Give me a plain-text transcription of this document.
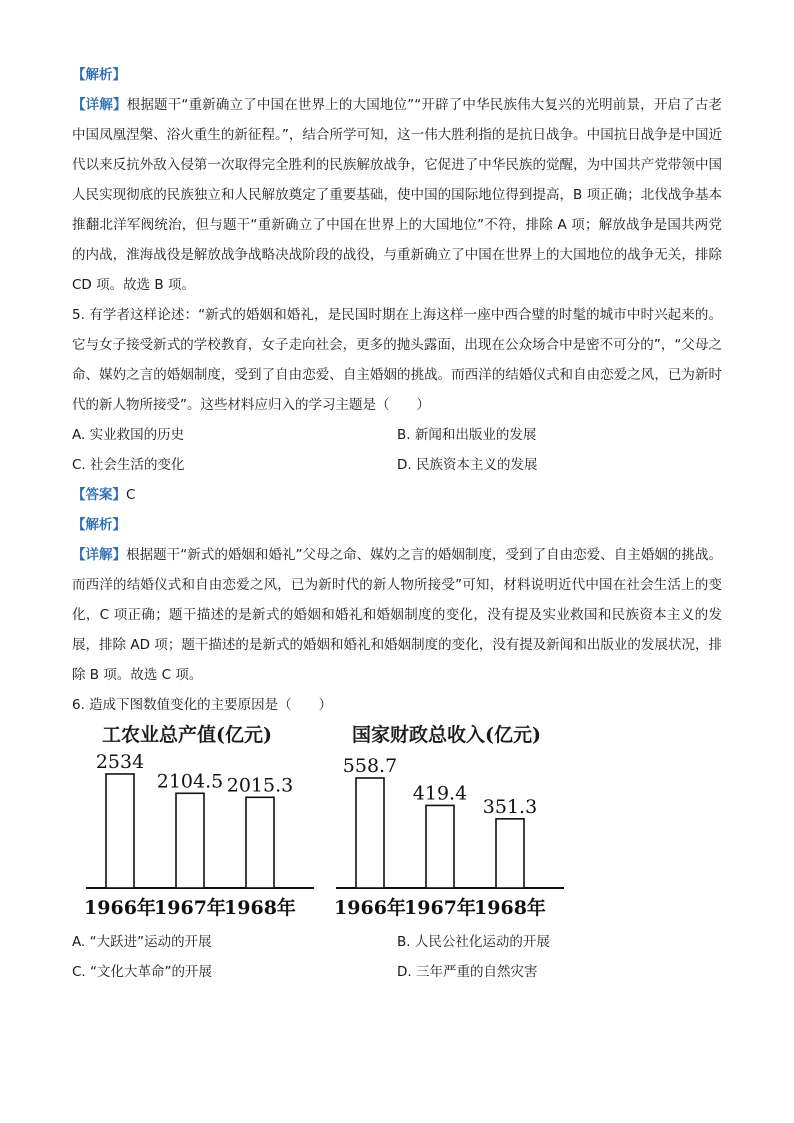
【解析】

【详解】根据题干“重新确立了中国在世界上的大国地位”“开辟了中华民族伟大复兴的光明前景，开启了古老中国凤凰涅槃、浴火重生的新征程。”，结合所学可知，这一伟大胜利指的是抗日战争。中国抗日战争是中国近代以来反抗外敌入侵第一次取得完全胜利的民族解放战争，它促进了中华民族的觉醒，为中国共产党带领中国人民实现彻底的民族独立和人民解放奠定了重要基础，使中国的国际地位得到提高，B 项正确；北伐战争基本推翻北洋军阀统治，但与题干“重新确立了中国在世界上的大国地位”不符，排除 A 项；解放战争是国共两党的内战，淮海战役是解放战争战略决战阶段的战役，与重新确立了中国在世界上的大国地位的战争无关，排除 CD 项。故选 B 项。

5. 有学者这样论述：“新式的婚姻和婚礼，是民国时期在上海这样一座中西合璧的时髦的城市中时兴起来的。它与女子接受新式的学校教育，女子走向社会，更多的抛头露面，出现在公众场合中是密不可分的”，“父母之命、媒妁之言的婚姻制度，受到了自由恋爱、自主婚姻的挑战。而西洋的结婚仪式和自由恋爱之风，已为新时代的新人物所接受”。这些材料应归入的学习主题是（　　）

A. 实业救国的历史	B. 新闻和出版业的发展
C. 社会生活的变化	D. 民族资本主义的发展

【答案】C

【解析】

【详解】根据题干“新式的婚姻和婚礼”父母之命、媒妁之言的婚姻制度，受到了自由恋爱、自主婚姻的挑战。而西洋的结婚仪式和自由恋爱之风，已为新时代的新人物所接受”可知，材料说明近代中国在社会生活上的变化，C 项正确；题干描述的是新式的婚姻和婚礼和婚姻制度的变化，没有提及实业救国和民族资本主义的发展，排除 AD 项；题干描述的是新式的婚姻和婚礼和婚姻制度的变化，没有提及新闻和出版业的发展状况，排除 B 项。故选 C 项。

6. 造成下图数值变化的主要原因是（　　）

工农业总产值(亿元)
2534
1966年
2104.5
1967年
2015.3
1968年
国家财政总收入(亿元)
558.7
1966年
419.4
1967年
351.3
1968年
A. “大跃进”运动的开展	B. 人民公社化运动的开展
C. “文化大革命”的开展	D. 三年严重的自然灾害
